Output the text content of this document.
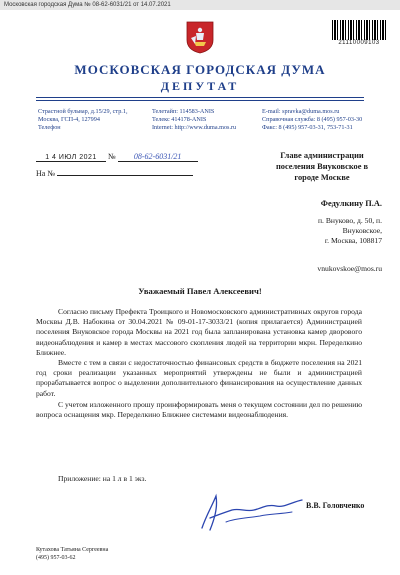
Московская городская Дума № 08-62-6031/21 от 14.07.2021
21110009103
МОСКОВСКАЯ ГОРОДСКАЯ ДУМА
ДЕПУТАТ
Страстной бульвар, д.15/29, стр.1,
Москва, ГСП-4, 127994
Телефон
Телетайп: 114583-ANIS
Телекс 414178-ANIS
Internet: http://www.duma.mos.ru
E-mail: spravka@duma.mos.ru
Справочная служба: 8 (495) 957-03-30
Факс: 8 (495) 957-03-31, 753-71-31
1 4 ИЮЛ 2021 № 08-62-6031/21
На №
Главе администрации
поселения Внуковское в
городе Москве
Федулкину П.А.
п. Внуково, д. 50, п.
Внуковское,
г. Москва, 108817
vnukovskoe@mos.ru
Уважаемый Павел Алексеевич!
Согласно письму Префекта Троицкого и Новомосковского административных округов города Москвы Д.В. Набокина от 30.04.2021 № 09-01-17-3033/21 (копия прилагается) Администрацией поселения Внуковское города Москвы на 2021 год была запланирована установка камер дворового видеонаблюдения и камер в местах массового скопления людей на территории мкрн. Переделкино Ближнее.
Вместе с тем в связи с недостаточностью финансовых средств в бюджете поселения на 2021 год сроки реализации указанных мероприятий утверждены не были и администрацией прорабатывается вопрос о выделении дополнительного финансирования на осуществление данных работ.
С учетом изложенного прошу проинформировать меня о текущем состоянии дел по решению вопроса оснащения мкр. Переделкино Ближнее системами видеонаблюдения.
Приложение: на 1 л в 1 экз.
В.В. Головченко
Кутахова Татьяна Сергеевна
(495) 957-03-62
